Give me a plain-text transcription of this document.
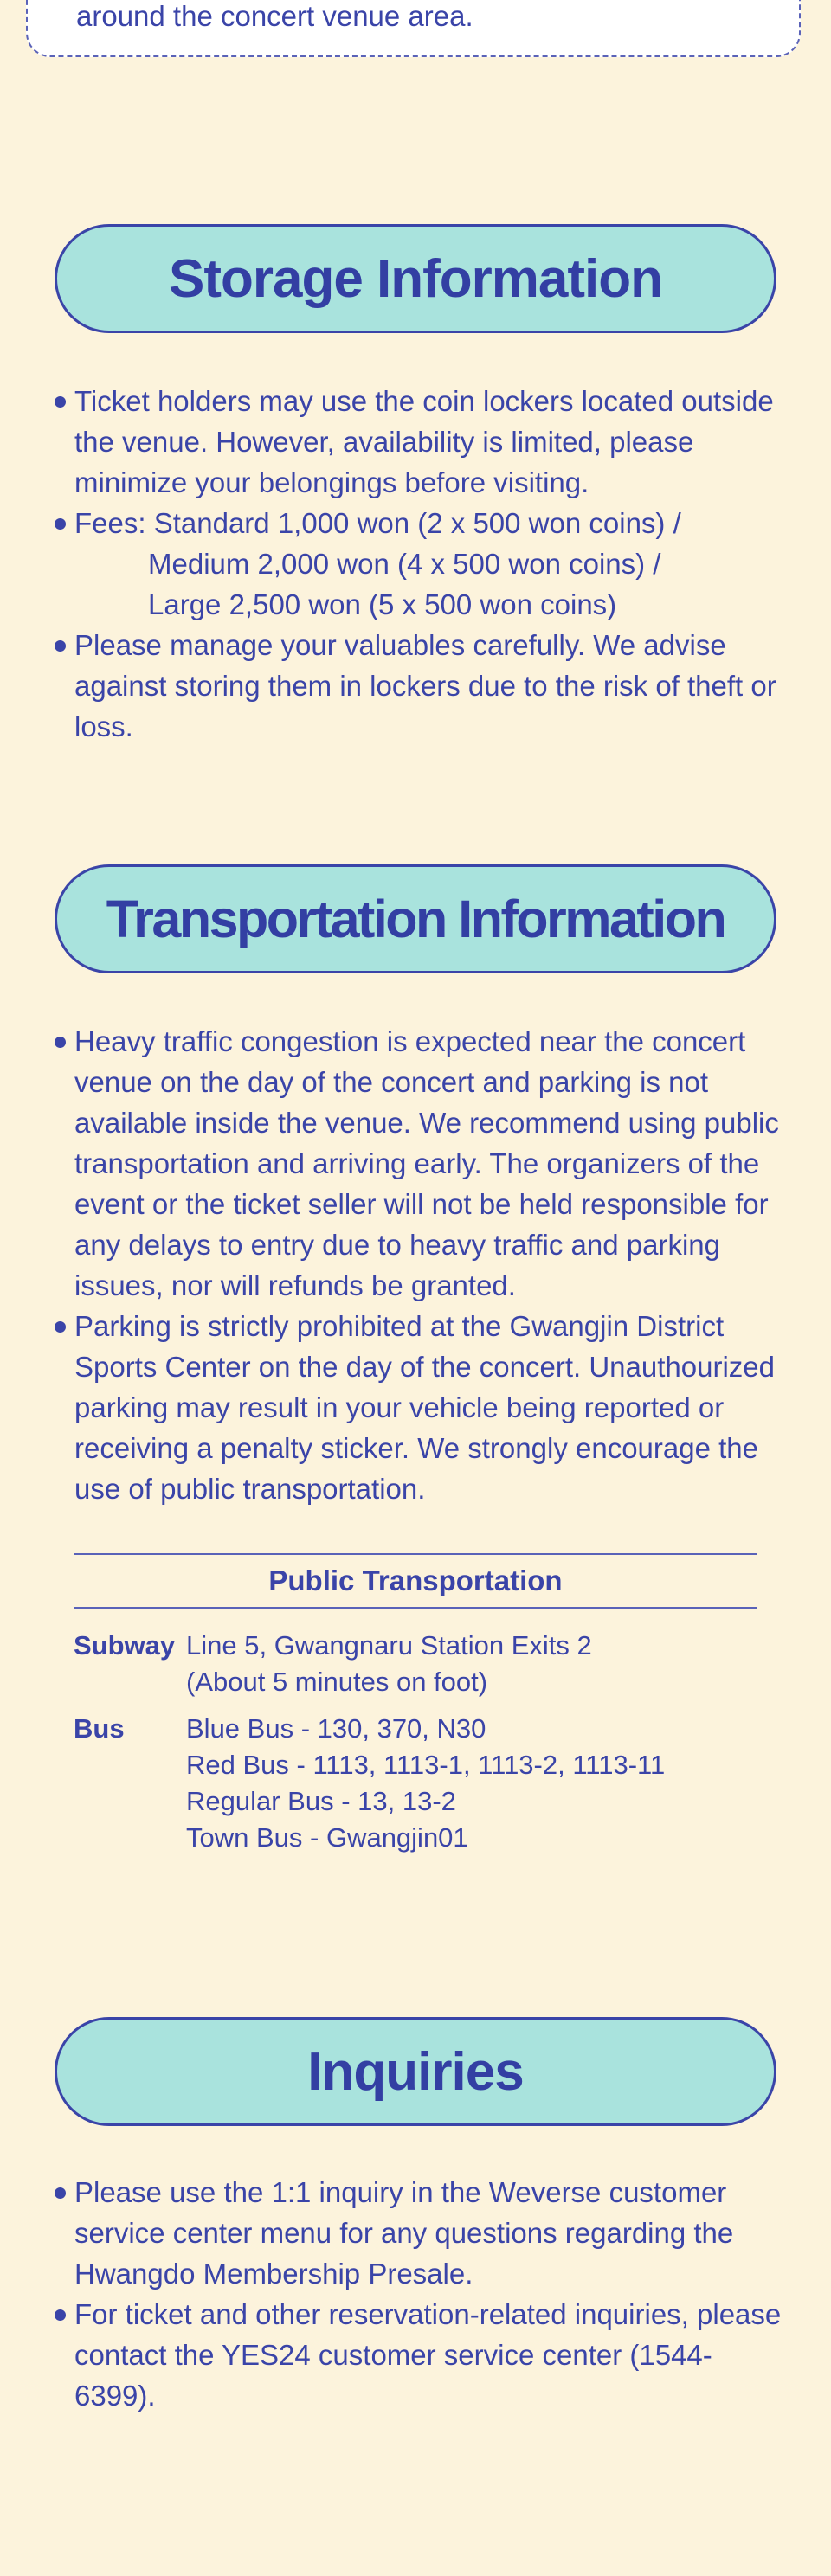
around the concert venue area.

Storage Information
Ticket holders may use the coin lockers located outside the venue. However, availability is limited, please minimize your belongings before visiting.
Fees: Standard 1,000 won (2 x 500 won coins) /
Medium 2,000 won (4 x 500 won coins) /
Large 2,500 won (5 x 500 won coins)
Please manage your valuables carefully. We advise against storing them in lockers due to the risk of theft or loss.
Transportation Information
Heavy traffic congestion is expected near the concert venue on the day of the concert and parking is not available inside the venue. We recommend using public transportation and arriving early. The organizers of the event or the ticket seller will not be held responsible for any delays to entry due to heavy traffic and parking issues, nor will refunds be granted.
Parking is strictly prohibited at the Gwangjin District Sports Center on the day of the concert. Unauthourized parking may result in your vehicle being reported or receiving a penalty sticker. We strongly encourage the use of public transportation.
Public Transportation
Subway Line 5, Gwangnaru Station Exits 2
(About 5 minutes on foot)
Bus	Blue Bus - 130, 370, N30
Red Bus - 1113, 1113-1, 1113-2, 1113-11
Regular Bus - 13, 13-2
Town Bus - Gwangjin01
Inquiries
Please use the 1:1 inquiry in the Weverse customer service center menu for any questions regarding the Hwangdo Membership Presale.
For ticket and other reservation-related inquiries, please contact the YES24 customer service center (1544-6399).
